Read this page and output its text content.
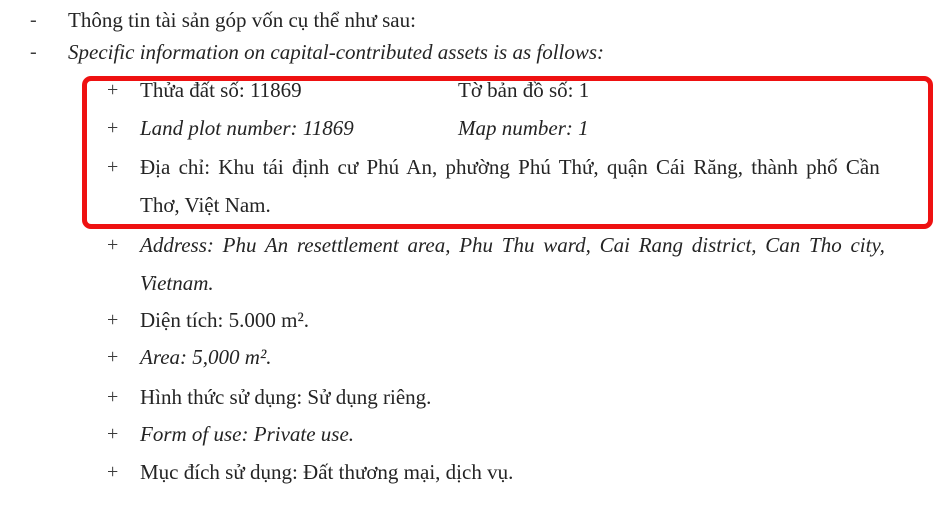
- Thông tin tài sản góp vốn cụ thể như sau:
- Specific information on capital-contributed assets is as follows:
+ Thửa đất số: 11869	Tờ bản đồ số: 1
+ Land plot number: 11869	Map number: 1
+ Địa chỉ: Khu tái định cư Phú An, phường Phú Thứ, quận Cái Răng, thành phố Cần
Thơ, Việt Nam.
+ Address: Phu An resettlement area, Phu Thu ward, Cai Rang district, Can Tho city,
Vietnam.
+ Diện tích: 5.000 m².
+ Area: 5,000 m².
+ Hình thức sử dụng: Sử dụng riêng.
+ Form of use: Private use.
+ Mục đích sử dụng: Đất thương mại, dịch vụ.
